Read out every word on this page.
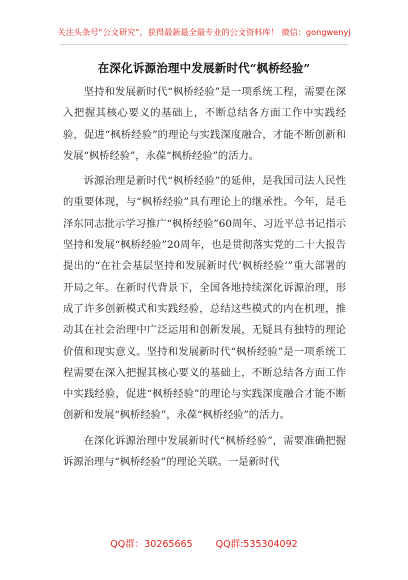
关注头条号“公文研究”，获得最新最全最专业的公文资料库！ 微信：gongwenyj
在深化诉源治理中发展新时代“枫桥经验”

坚持和发展新时代“枫桥经验”是一项系统工程，需要在深入把握其核心要义的基础上，不断总结各方面工作中实践经验，促进“枫桥经验”的理论与实践深度融合，才能不断创新和发展“枫桥经验”，永葆“枫桥经验”的活力。

诉源治理是新时代“枫桥经验”的延伸，是我国司法人民性的重要体现，与“枫桥经验”具有理论上的继承性。今年，是毛泽东同志批示学习推广“枫桥经验”60周年、习近平总书记指示坚持和发展“枫桥经验”20周年，也是贯彻落实党的二十大报告提出的“在社会基层坚持和发展新时代‘枫桥经验’”重大部署的开局之年。在新时代背景下，全国各地持续深化诉源治理，形成了许多创新模式和实践经验，总结这些模式的内在机理，推动其在社会治理中广泛运用和创新发展，无疑具有独特的理论价值和现实意义。坚持和发展新时代“枫桥经验”是一项系统工程需要在深入把握其核心要义的基础上，不断总结各方面工作中实践经验，促进“枫桥经验”的理论与实践深度融合才能不断创新和发展“枫桥经验”，永葆“枫桥经验”的活力。

在深化诉源治理中发展新时代“枫桥经验”，需要准确把握诉源治理与“枫桥经验”的理论关联。一是新时代

QQ群：30265665 QQ群:535304092
